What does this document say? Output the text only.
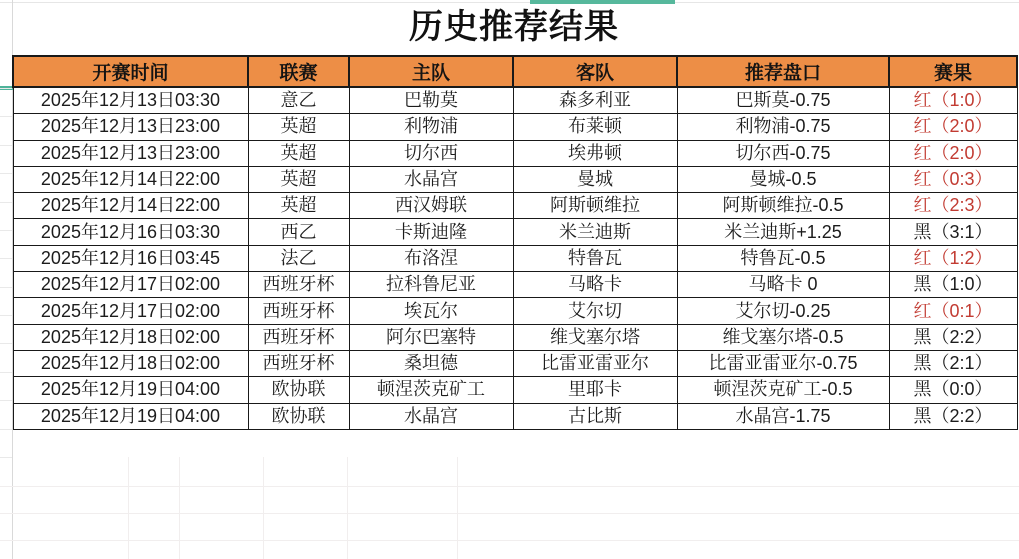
历史推荐结果
开赛时间	联赛	主队	客队	推荐盘口	赛果
2025年12月13日03:30	意乙	巴勒莫	森多利亚	巴斯莫-0.75	红（1:0）
2025年12月13日23:00	英超	利物浦	布莱顿	利物浦-0.75	红（2:0）
2025年12月13日23:00	英超	切尔西	埃弗顿	切尔西-0.75	红（2:0）
2025年12月14日22:00	英超	水晶宫	曼城	曼城-0.5	红（0:3）
2025年12月14日22:00	英超	西汉姆联	阿斯顿维拉	阿斯顿维拉-0.5	红（2:3）
2025年12月16日03:30	西乙	卡斯迪隆	米兰迪斯	米兰迪斯+1.25	黑（3:1）
2025年12月16日03:45	法乙	布洛涅	特鲁瓦	特鲁瓦-0.5	红（1:2）
2025年12月17日02:00	西班牙杯	拉科鲁尼亚	马略卡	马略卡 0	黑（1:0）
2025年12月17日02:00	西班牙杯	埃瓦尔	艾尔切	艾尔切-0.25	红（0:1）
2025年12月18日02:00	西班牙杯	阿尔巴塞特	维戈塞尔塔	维戈塞尔塔-0.5	黑（2:2）
2025年12月18日02:00	西班牙杯	桑坦德	比雷亚雷亚尔	比雷亚雷亚尔-0.75	黑（2:1）
2025年12月19日04:00	欧协联	顿涅茨克矿工	里耶卡	顿涅茨克矿工-0.5	黑（0:0）
2025年12月19日04:00	欧协联	水晶宫	古比斯	水晶宫-1.75	黑（2:2）
